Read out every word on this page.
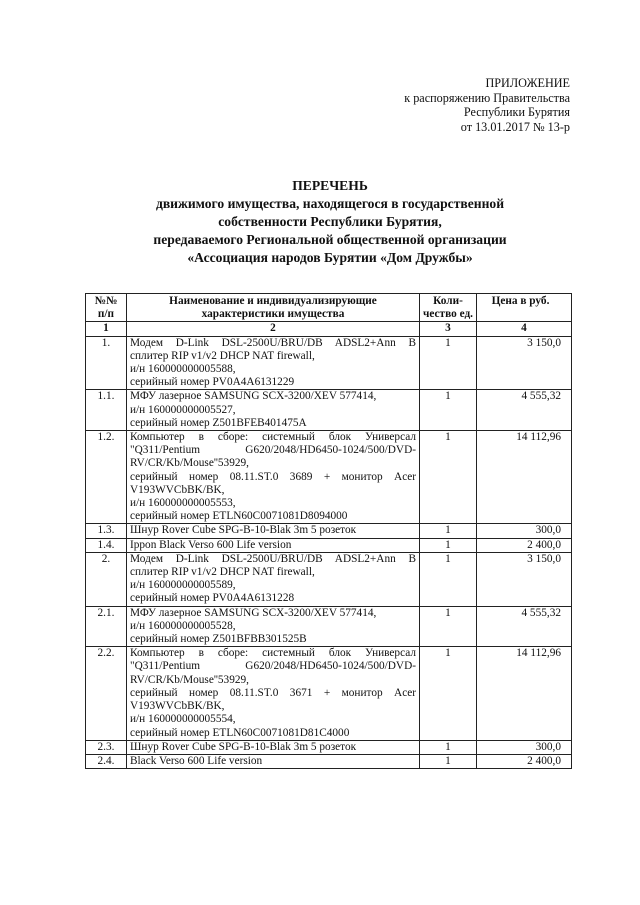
ПРИЛОЖЕНИЕ
к распоряжению Правительства
Республики Бурятия
от 13.01.2017 № 13-р
ПЕРЕЧЕНЬ
движимого имущества, находящегося в государственной
собственности Республики Бурятия,
передаваемого Региональной общественной организации
«Ассоциация народов Бурятии «Дом Дружбы»
№№ п/п	Наименование и индивидуализирующие характеристики имущества	Коли-чество ед.	Цена в руб.
1	2	3	4
1.	Модем D-Link DSL-2500U/BRU/DB ADSL2+Ann В сплитер RIP v1/v2 DHCP NAT firewall,
и/н 160000000005588,
серийный номер PV0A4A6131229	1	3 150,0
1.1.	МФУ лазерное SAMSUNG SCX-3200/XEV 577414,
и/н 160000000005527,
серийный номер Z501BFEB401475A	1	4 555,32
1.2.	Компьютер в сборе: системный блок Универсал "Q311/Pentium G620/2048/HD6450-1024/500/DVD-RV/CR/Kb/Mouse''53929,
серийный номер 08.11.ST.0 3689 + монитор Acer V193WVCbBK/BK,
и/н 160000000005553,
серийный номер ETLN60C0071081D8094000	1	14 112,96
1.3.	Шнур Rover Cube SPG-B-10-Blak 3m 5 розеток	1	300,0
1.4.	Ippon Black Verso 600 Life version	1	2 400,0
2.	Модем D-Link DSL-2500U/BRU/DB ADSL2+Ann В сплитер RIP v1/v2 DHCP NAT firewall,
и/н 160000000005589,
серийный номер PV0A4A6131228	1	3 150,0
2.1.	МФУ лазерное SAMSUNG SCX-3200/XEV 577414,
и/н 160000000005528,
серийный номер Z501BFBB301525B	1	4 555,32
2.2.	Компьютер в сборе: системный блок Универсал "Q311/Pentium G620/2048/HD6450-1024/500/DVD-RV/CR/Kb/Mouse''53929,
серийный номер 08.11.ST.0 3671 + монитор Acer V193WVCbBK/BK,
и/н 160000000005554,
серийный номер ETLN60C0071081D81C4000	1	14 112,96
2.3.	Шнур Rover Cube SPG-B-10-Blak 3m 5 розеток	1	300,0
2.4.	Black Verso 600 Life version	1	2 400,0
